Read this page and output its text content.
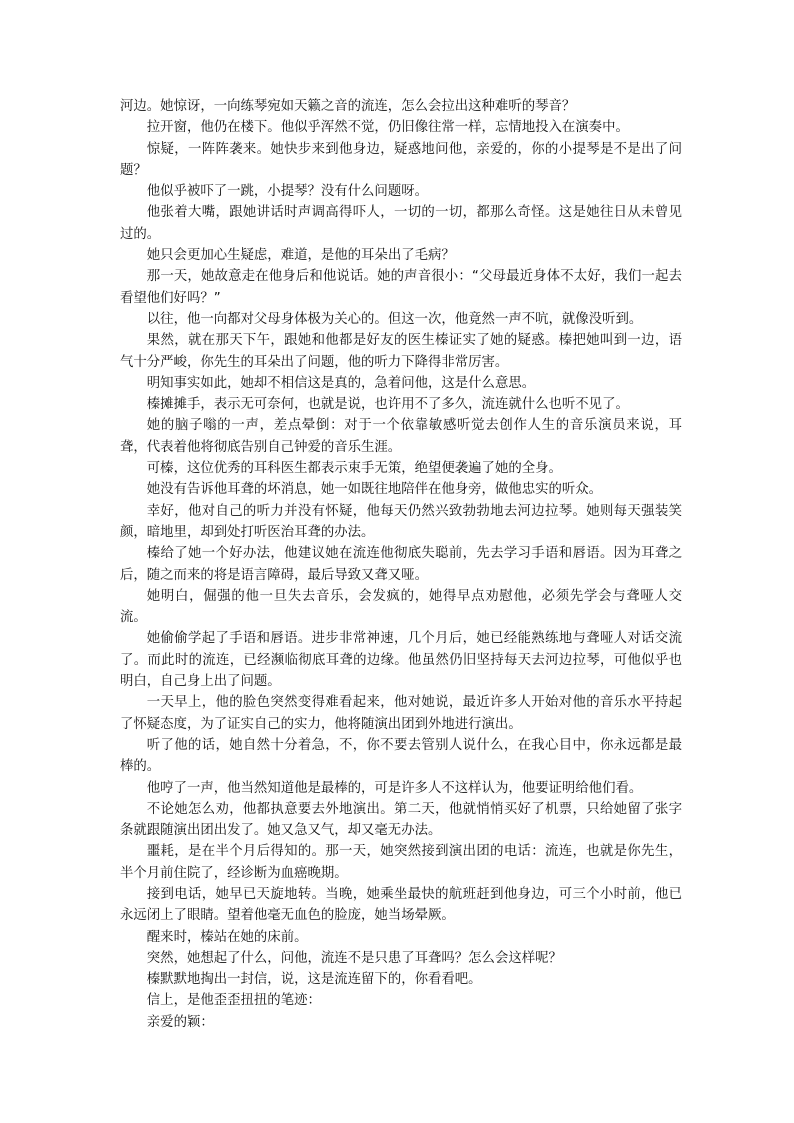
河边。她惊讶，一向练琴宛如天籁之音的流连，怎么会拉出这种难听的琴音？

拉开窗，他仍在楼下。他似乎浑然不觉，仍旧像往常一样，忘情地投入在演奏中。

惊疑，一阵阵袭来。她快步来到他身边，疑惑地问他，亲爱的，你的小提琴是不是出了问题？

他似乎被吓了一跳，小提琴？没有什么问题呀。

他张着大嘴，跟她讲话时声调高得吓人，一切的一切，都那么奇怪。这是她往日从未曾见过的。

她只会更加心生疑虑，难道，是他的耳朵出了毛病？

那一天，她故意走在他身后和他说话。她的声音很小：“父母最近身体不太好，我们一起去看望他们好吗？”

以往，他一向都对父母身体极为关心的。但这一次，他竟然一声不吭，就像没听到。

果然，就在那天下午，跟她和他都是好友的医生榛证实了她的疑惑。榛把她叫到一边，语气十分严峻，你先生的耳朵出了问题，他的听力下降得非常厉害。

明知事实如此，她却不相信这是真的，急着问他，这是什么意思。

榛摊摊手，表示无可奈何，也就是说，也许用不了多久，流连就什么也听不见了。

她的脑子嗡的一声，差点晕倒：对于一个依靠敏感听觉去创作人生的音乐演员来说，耳聋，代表着他将彻底告别自己钟爱的音乐生涯。

可榛，这位优秀的耳科医生都表示束手无策，绝望便袭遍了她的全身。

她没有告诉他耳聋的坏消息，她一如既往地陪伴在他身旁，做他忠实的听众。

幸好，他对自己的听力并没有怀疑，他每天仍然兴致勃勃地去河边拉琴。她则每天强装笑颜，暗地里，却到处打听医治耳聋的办法。

榛给了她一个好办法，他建议她在流连他彻底失聪前，先去学习手语和唇语。因为耳聋之后，随之而来的将是语言障碍，最后导致又聋又哑。

她明白，倔强的他一旦失去音乐，会发疯的，她得早点劝慰他，必须先学会与聋哑人交流。

她偷偷学起了手语和唇语。进步非常神速，几个月后，她已经能熟练地与聋哑人对话交流了。而此时的流连，已经濒临彻底耳聋的边缘。他虽然仍旧坚持每天去河边拉琴，可他似乎也明白，自己身上出了问题。

一天早上，他的脸色突然变得难看起来，他对她说，最近许多人开始对他的音乐水平持起了怀疑态度，为了证实自己的实力，他将随演出团到外地进行演出。

听了他的话，她自然十分着急，不，你不要去管别人说什么，在我心目中，你永远都是最棒的。

他哼了一声，他当然知道他是最棒的，可是许多人不这样认为，他要证明给他们看。

不论她怎么劝，他都执意要去外地演出。第二天，他就悄悄买好了机票，只给她留了张字条就跟随演出团出发了。她又急又气，却又毫无办法。

噩耗，是在半个月后得知的。那一天，她突然接到演出团的电话：流连，也就是你先生，半个月前住院了，经诊断为血癌晚期。

接到电话，她早已天旋地转。当晚，她乘坐最快的航班赶到他身边，可三个小时前，他已永远闭上了眼睛。望着他毫无血色的脸庞，她当场晕厥。

醒来时，榛站在她的床前。

突然，她想起了什么，问他，流连不是只患了耳聋吗？怎么会这样呢？

榛默默地掏出一封信，说，这是流连留下的，你看看吧。

信上，是他歪歪扭扭的笔迹：

亲爱的颖：
